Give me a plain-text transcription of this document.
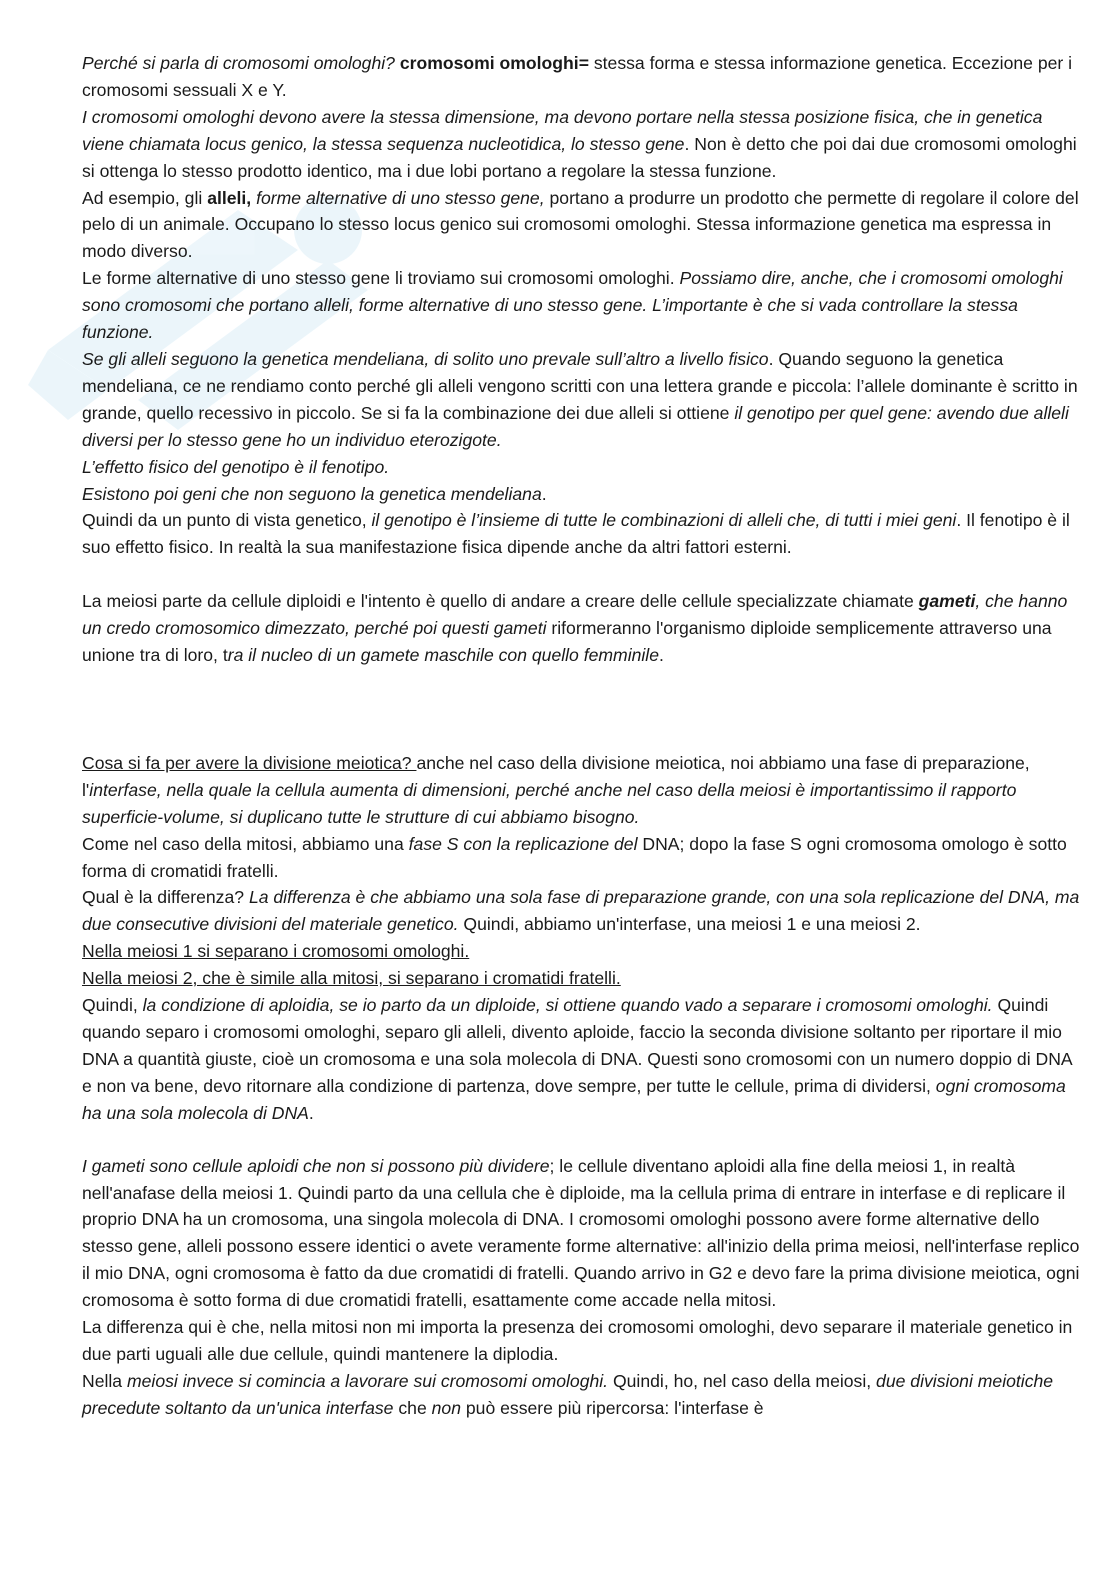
Perché si parla di cromosomi omologhi? cromosomi omologhi= stessa forma e stessa informazione genetica. Eccezione per i cromosomi sessuali X e Y.

I cromosomi omologhi devono avere la stessa dimensione, ma devono portare nella stessa posizione fisica, che in genetica viene chiamata locus genico, la stessa sequenza nucleotidica, lo stesso gene. Non è detto che poi dai due cromosomi omologhi si ottenga lo stesso prodotto identico, ma i due lobi portano a regolare la stessa funzione.

Ad esempio, gli alleli, forme alternative di uno stesso gene, portano a produrre un prodotto che permette di regolare il colore del pelo di un animale. Occupano lo stesso locus genico sui cromosomi omologhi. Stessa informazione genetica ma espressa in modo diverso.

Le forme alternative di uno stesso gene li troviamo sui cromosomi omologhi. Possiamo dire, anche, che i cromosomi omologhi sono cromosomi che portano alleli, forme alternative di uno stesso gene. L’importante è che si vada controllare la stessa funzione.

Se gli alleli seguono la genetica mendeliana, di solito uno prevale sull’altro a livello fisico. Quando seguono la genetica mendeliana, ce ne rendiamo conto perché gli alleli vengono scritti con una lettera grande e piccola: l’allele dominante è scritto in grande, quello recessivo in piccolo. Se si fa la combinazione dei due alleli si ottiene il genotipo per quel gene: avendo due alleli diversi per lo stesso gene ho un individuo eterozigote.

L’effetto fisico del genotipo è il fenotipo.

Esistono poi geni che non seguono la genetica mendeliana.

Quindi da un punto di vista genetico, il genotipo è l’insieme di tutte le combinazioni di alleli che, di tutti i miei geni. Il fenotipo è il suo effetto fisico. In realtà la sua manifestazione fisica dipende anche da altri fattori esterni.

La meiosi parte da cellule diploidi e l'intento è quello di andare a creare delle cellule specializzate chiamate gameti, che hanno un credo cromosomico dimezzato, perché poi questi gameti riformeranno l'organismo diploide semplicemente attraverso una unione tra di loro, tra il nucleo di un gamete maschile con quello femminile.

Cosa si fa per avere la divisione meiotica? anche nel caso della divisione meiotica, noi abbiamo una fase di preparazione, l'interfase, nella quale la cellula aumenta di dimensioni, perché anche nel caso della meiosi è importantissimo il rapporto superficie-volume, si duplicano tutte le strutture di cui abbiamo bisogno.

Come nel caso della mitosi, abbiamo una fase S con la replicazione del DNA; dopo la fase S ogni cromosoma omologo è sotto forma di cromatidi fratelli.

Qual è la differenza? La differenza è che abbiamo una sola fase di preparazione grande, con una sola replicazione del DNA, ma due consecutive divisioni del materiale genetico. Quindi, abbiamo un'interfase, una meiosi 1 e una meiosi 2.

Nella meiosi 1 si separano i cromosomi omologhi.

Nella meiosi 2, che è simile alla mitosi, si separano i cromatidi fratelli.

Quindi, la condizione di aploidia, se io parto da un diploide, si ottiene quando vado a separare i cromosomi omologhi. Quindi quando separo i cromosomi omologhi, separo gli alleli, divento aploide, faccio la seconda divisione soltanto per riportare il mio DNA a quantità giuste, cioè un cromosoma e una sola molecola di DNA. Questi sono cromosomi con un numero doppio di DNA e non va bene, devo ritornare alla condizione di partenza, dove sempre, per tutte le cellule, prima di dividersi, ogni cromosoma ha una sola molecola di DNA.

I gameti sono cellule aploidi che non si possono più dividere; le cellule diventano aploidi alla fine della meiosi 1, in realtà nell'anafase della meiosi 1. Quindi parto da una cellula che è diploide, ma la cellula prima di entrare in interfase e di replicare il proprio DNA ha un cromosoma, una singola molecola di DNA. I cromosomi omologhi possono avere forme alternative dello stesso gene, alleli possono essere identici o avete veramente forme alternative: all'inizio della prima meiosi, nell'interfase replico il mio DNA, ogni cromosoma è fatto da due cromatidi di fratelli. Quando arrivo in G2 e devo fare la prima divisione meiotica, ogni cromosoma è sotto forma di due cromatidi fratelli, esattamente come accade nella mitosi.

La differenza qui è che, nella mitosi non mi importa la presenza dei cromosomi omologhi, devo separare il materiale genetico in due parti uguali alle due cellule, quindi mantenere la diplodia.

Nella meiosi invece si comincia a lavorare sui cromosomi omologhi. Quindi, ho, nel caso della meiosi, due divisioni meiotiche precedute soltanto da un'unica interfase che non può essere più ripercorsa: l'interfase è
